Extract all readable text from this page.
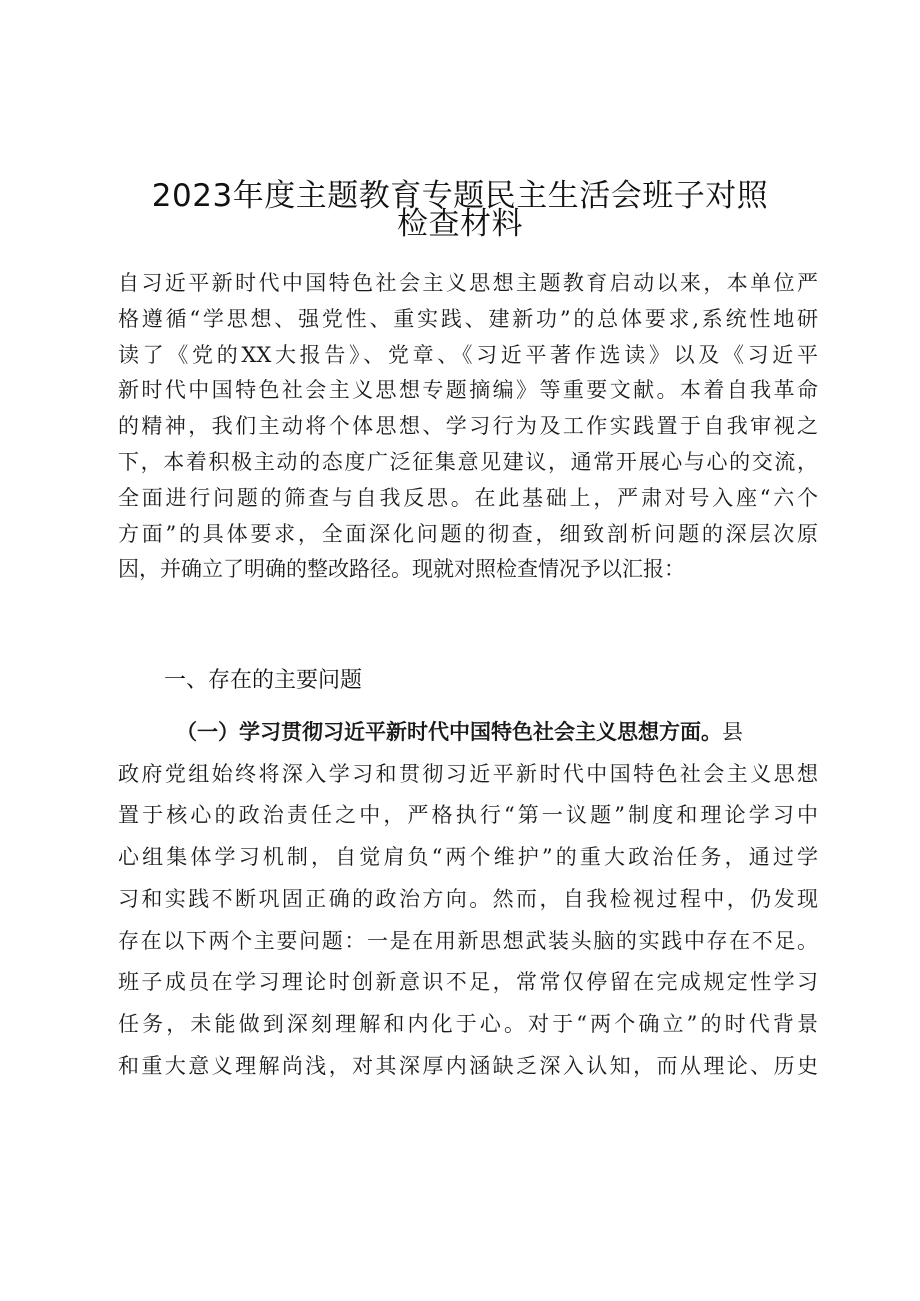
2023年度主题教育专题民主生活会班子对照
检查材料
自习近平新时代中国特色社会主义思想主题教育启动以来，本单位严
格遵循“学思想、强党性、重实践、建新功”的总体要求,系统性地研
读了《党的XX大报告》、党章、《习近平著作选读》以及《习近平
新时代中国特色社会主义思想专题摘编》等重要文献。本着自我革命
的精神，我们主动将个体思想、学习行为及工作实践置于自我审视之
下，本着积极主动的态度广泛征集意见建议，通常开展心与心的交流，
全面进行问题的筛查与自我反思。在此基础上，严肃对号入座“六个
方面”的具体要求，全面深化问题的彻查，细致剖析问题的深层次原
因，并确立了明确的整改路径。现就对照检查情况予以汇报：
一、存在的主要问题
（一）学习贯彻习近平新时代中国特色社会主义思想方面。县
政府党组始终将深入学习和贯彻习近平新时代中国特色社会主义思想
置于核心的政治责任之中，严格执行“第一议题”制度和理论学习中
心组集体学习机制，自觉肩负“两个维护”的重大政治任务，通过学
习和实践不断巩固正确的政治方向。然而，自我检视过程中，仍发现
存在以下两个主要问题：一是在用新思想武装头脑的实践中存在不足。
班子成员在学习理论时创新意识不足，常常仅停留在完成规定性学习
任务，未能做到深刻理解和内化于心。对于“两个确立”的时代背景
和重大意义理解尚浅，对其深厚内涵缺乏深入认知，而从理论、历史
